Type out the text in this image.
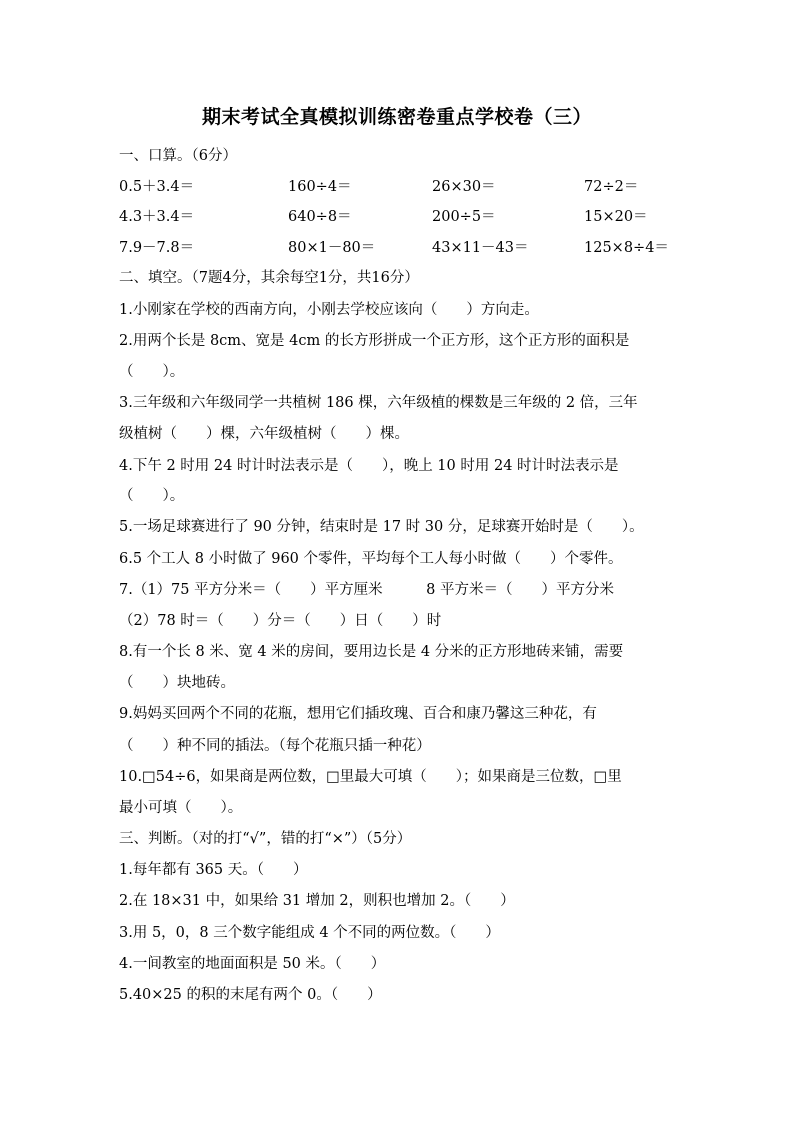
期末考试全真模拟训练密卷重点学校卷（三）
一、口算。（6分）
0.5＋3.4＝	160÷4＝	26×30＝	72÷2＝
4.3＋3.4＝	640÷8＝	200÷5＝	15×20＝
7.9－7.8＝	80×1－80＝	43×11－43＝	125×8÷4＝
二、填空。（7题4分，其余每空1分，共16分）
1.小刚家在学校的西南方向，小刚去学校应该向（　　）方向走。
2.用两个长是 8cm、宽是 4cm 的长方形拼成一个正方形，这个正方形的面积是
（　　）。
3.三年级和六年级同学一共植树 186 棵，六年级植的棵数是三年级的 2 倍，三年
级植树（　　）棵，六年级植树（　　）棵。
4.下午 2 时用 24 时计时法表示是（　　），晚上 10 时用 24 时计时法表示是
（　　）。
5.一场足球赛进行了 90 分钟，结束时是 17 时 30 分，足球赛开始时是（　　）。
6.5 个工人 8 小时做了 960 个零件，平均每个工人每小时做（　　）个零件。
7.（1）75 平方分米＝（　　）平方厘米　　　8 平方米＝（　　）平方分米
（2）78 时＝（　　）分＝（　　）日（　　）时
8.有一个长 8 米、宽 4 米的房间，要用边长是 4 分米的正方形地砖来铺，需要
（　　）块地砖。
9.妈妈买回两个不同的花瓶，想用它们插玫瑰、百合和康乃馨这三种花，有
（　　）种不同的插法。（每个花瓶只插一种花）
10.□54÷6，如果商是两位数，□里最大可填（　　）；如果商是三位数，□里
最小可填（　　）。
三、判断。（对的打“√”，错的打“×”）（5分）
1.每年都有 365 天。（　　）
2.在 18×31 中，如果给 31 增加 2，则积也增加 2。（　　）
3.用 5，0，8 三个数字能组成 4 个不同的两位数。（　　）
4.一间教室的地面面积是 50 米。（　　）
5.40×25 的积的末尾有两个 0。（　　）
